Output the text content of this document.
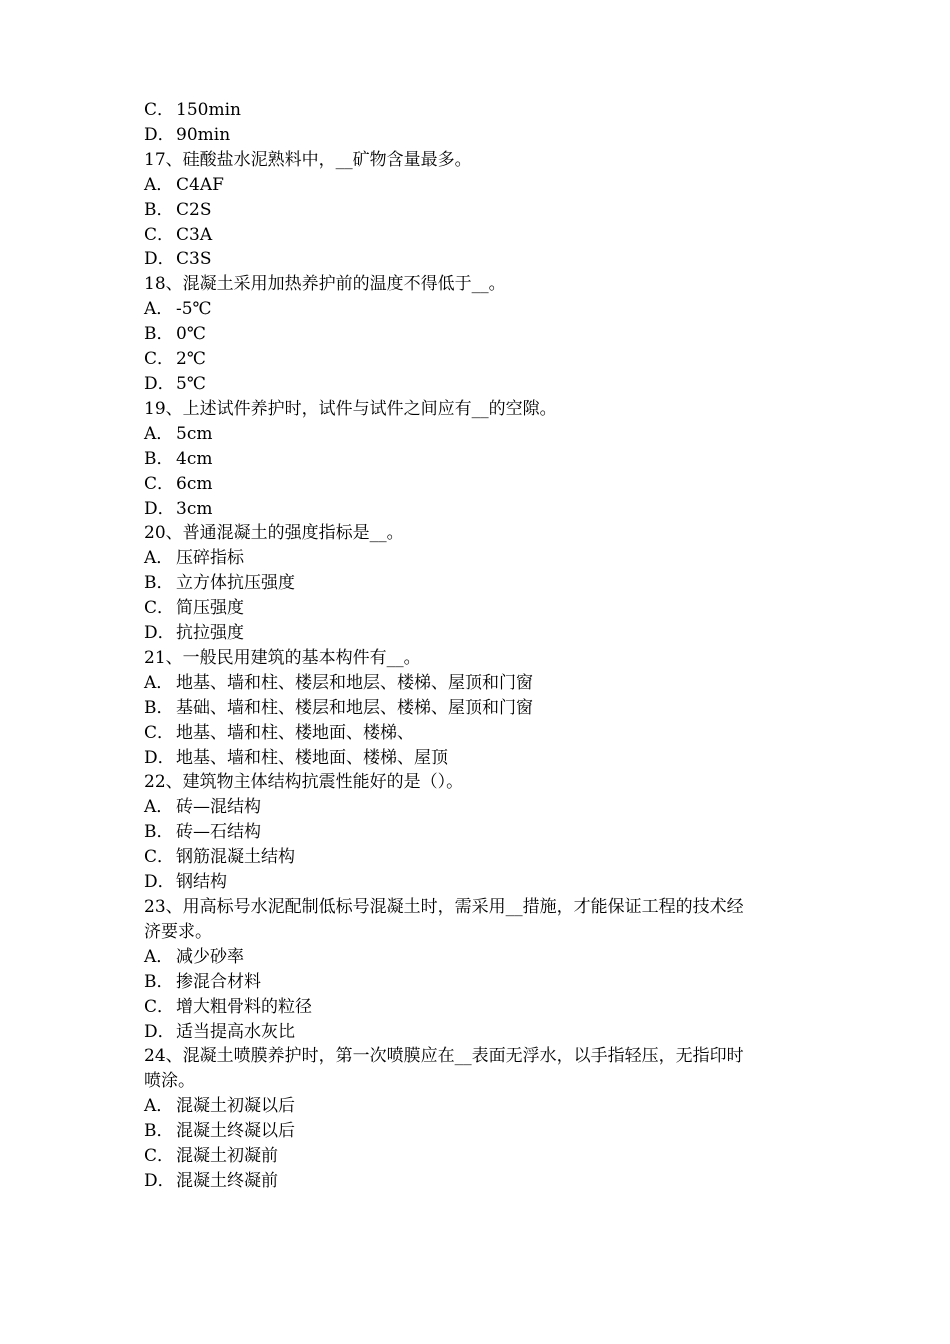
C． 150min
D．90min
17、硅酸盐水泥熟料中，__矿物含量最多。
A． C4AF
B． C2S
C． C3A
D．C3S
18、混凝土采用加热养护前的温度不得低于__。
A． -5℃
B． 0℃
C． 2℃
D．5℃
19、上述试件养护时，试件与试件之间应有__的空隙。
A． 5cm
B． 4cm
C． 6cm
D．3cm
20、普通混凝土的强度指标是__。
A． 压碎指标
B． 立方体抗压强度
C． 简压强度
D．抗拉强度
21、一般民用建筑的基本构件有__。
A． 地基、墙和柱、楼层和地层、楼梯、屋顶和门窗
B． 基础、墙和柱、楼层和地层、楼梯、屋顶和门窗
C． 地基、墙和柱、楼地面、楼梯、
D．地基、墙和柱、楼地面、楼梯、屋顶
22、建筑物主体结构抗震性能好的是（）。
A． 砖—混结构
B． 砖—石结构
C． 钢筋混凝土结构
D．钢结构
23、用高标号水泥配制低标号混凝土时，需采用__措施，才能保证工程的技术经
济要求。
A． 减少砂率
B． 掺混合材料
C． 增大粗骨料的粒径
D．适当提高水灰比
24、混凝土喷膜养护时，第一次喷膜应在__表面无浮水，以手指轻压，无指印时
喷涂。
A． 混凝土初凝以后
B． 混凝土终凝以后
C． 混凝土初凝前
D．混凝土终凝前
